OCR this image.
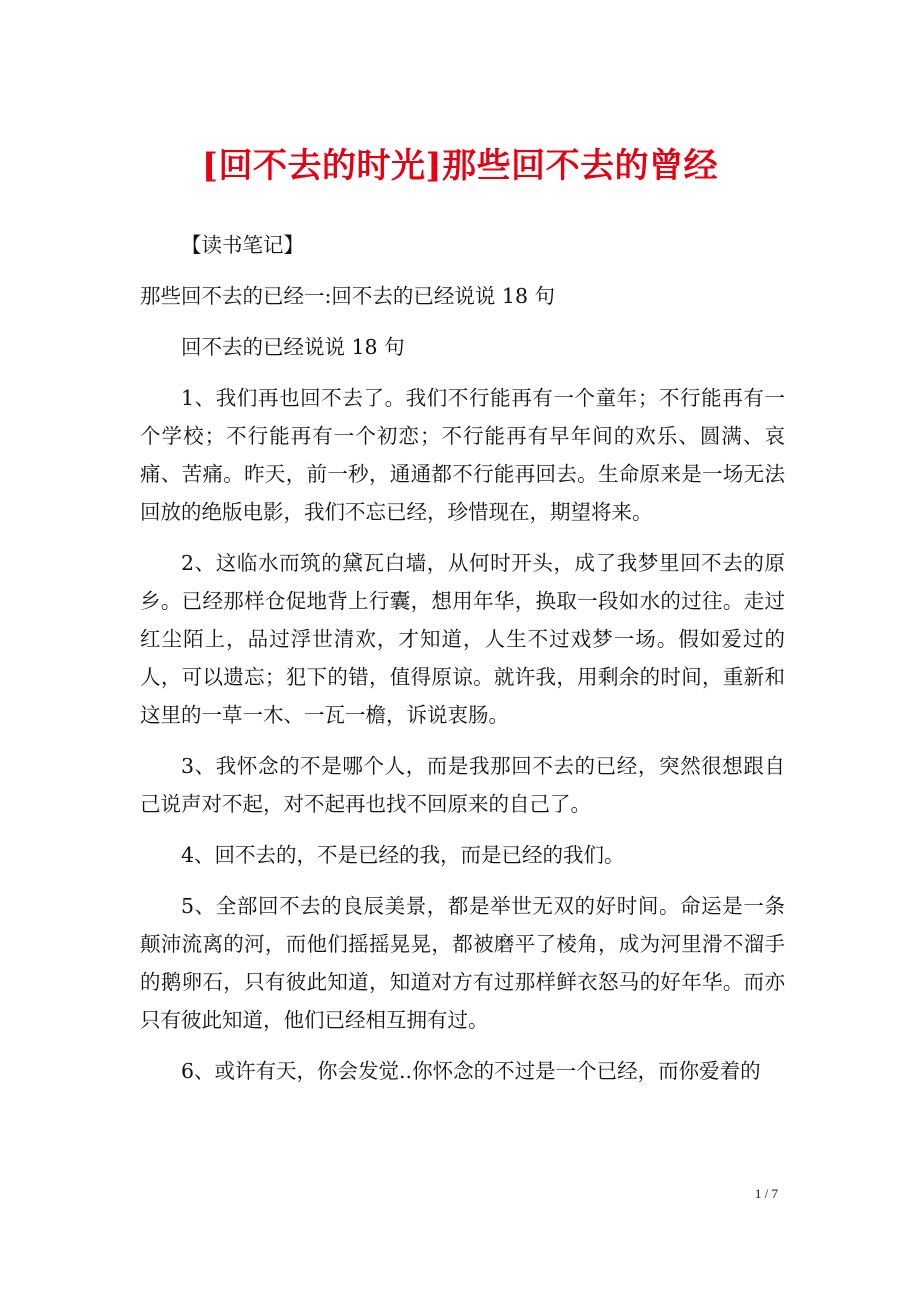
[回不去的时光]那些回不去的曾经

【读书笔记】

那些回不去的已经一:回不去的已经说说 18 句

回不去的已经说说 18 句

1、我们再也回不去了。我们不行能再有一个童年；不行能再有一个学校；不行能再有一个初恋；不行能再有早年间的欢乐、圆满、哀痛、苦痛。昨天，前一秒，通通都不行能再回去。生命原来是一场无法回放的绝版电影，我们不忘已经，珍惜现在，期望将来。

2、这临水而筑的黛瓦白墙，从何时开头，成了我梦里回不去的原乡。已经那样仓促地背上行囊，想用年华，换取一段如水的过往。走过红尘陌上，品过浮世清欢，才知道，人生不过戏梦一场。假如爱过的人，可以遗忘；犯下的错，值得原谅。就许我，用剩余的时间，重新和这里的一草一木、一瓦一檐，诉说衷肠。

3、我怀念的不是哪个人，而是我那回不去的已经，突然很想跟自己说声对不起，对不起再也找不回原来的自己了。

4、回不去的，不是已经的我，而是已经的我们。

5、全部回不去的良辰美景，都是举世无双的好时间。命运是一条颠沛流离的河，而他们摇摇晃晃，都被磨平了棱角，成为河里滑不溜手的鹅卵石，只有彼此知道，知道对方有过那样鲜衣怒马的好年华。而亦只有彼此知道，他们已经相互拥有过。

6、或许有天，你会发觉..你怀念的不过是一个已经，而你爱着的

1 / 7
